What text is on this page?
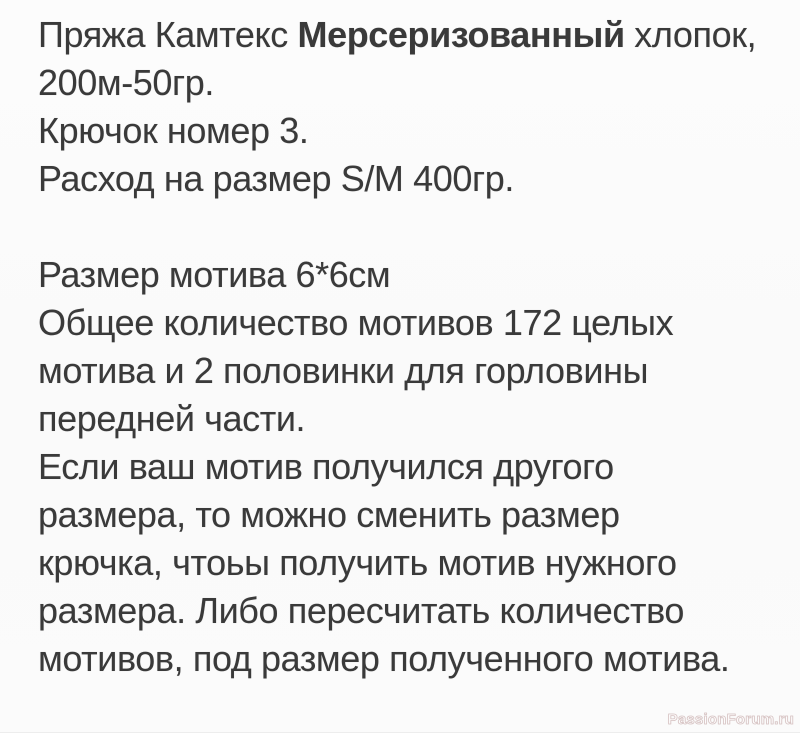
Пряжа Камтекс Мерсеризованный хлопок,
200м-50гр.
Крючок номер 3.
Расход на размер S/M 400гр.
Размер мотива 6*6см
Общее количество мотивов 172 целых
мотива и 2 половинки для горловины
передней части.
Если ваш мотив получился другого
размера, то можно сменить размер
крючка, чтоьы получить мотив нужного
размера. Либо пересчитать количество
мотивов, под размер полученного мотива.
PassionForum.ru
